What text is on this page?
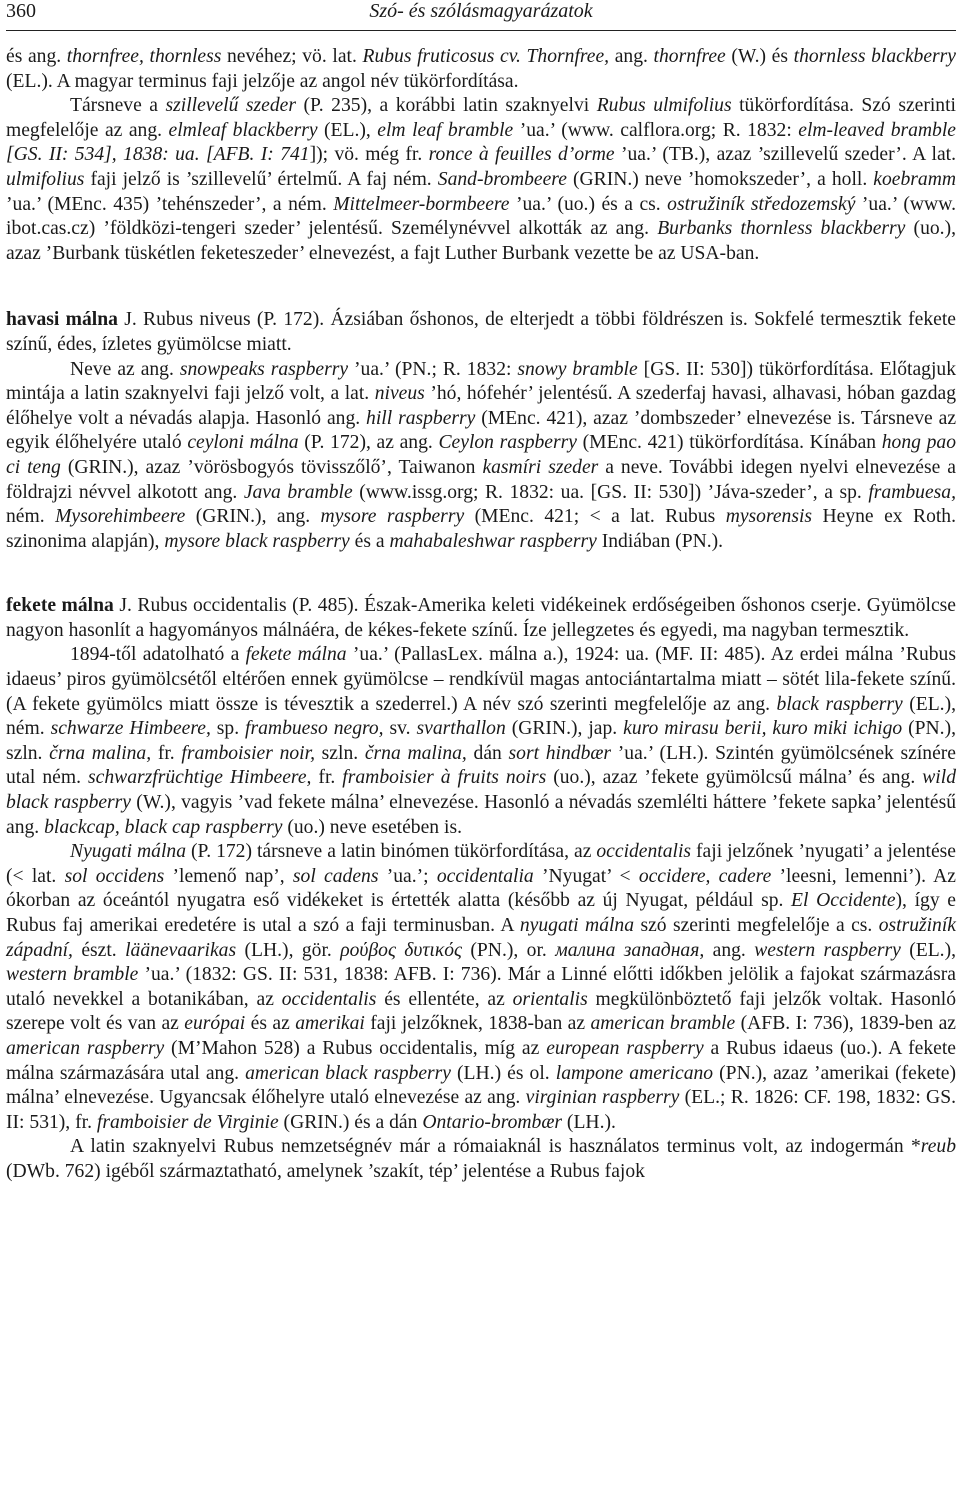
360	Szó- és szólásmagyarázatok

és ang. thornfree, thornless nevéhez; vö. lat. Rubus fruticosus cv. Thornfree, ang. thornfree (W.) és thornless blackberry (EL.). A magyar terminus faji jelzője az angol név tükörfordítása.

Társneve a szillevelű szeder (P. 235), a korábbi latin szaknyelvi Rubus ulmifolius tükörfordítása. Szó szerinti megfelelője az ang. elmleaf blackberry (EL.), elm leaf bramble ’ua.’ (www. calflora.org; R. 1832: elm-leaved bramble [GS. II: 534], 1838: ua. [AFB. I: 741]); vö. még fr. ronce à feuilles d’orme ’ua.’ (TB.), azaz ’szillevelű szeder’. A lat. ulmifolius faji jelző is ’szillevelű’ értelmű. A faj ném. Sand-brombeere (GRIN.) neve ’homokszeder’, a holl. koebramm ’ua.’ (MEnc. 435) ’tehénszeder’, a ném. Mittelmeer-bormbeere ’ua.’ (uo.) és a cs. ostružiník středozemský ’ua.’ (www. ibot.cas.cz) ’földközi-tengeri szeder’ jelentésű. Személynévvel alkották az ang. Burbanks thornless blackberry (uo.), azaz ’Burbank tüskétlen feketeszeder’ elnevezést, a fajt Luther Burbank vezette be az USA-ban.

havasi málna J. Rubus niveus (P. 172). Ázsiában őshonos, de elterjedt a többi földrészen is. Sokfelé termesztik fekete színű, édes, ízletes gyümölcse miatt.

Neve az ang. snowpeaks raspberry ’ua.’ (PN.; R. 1832: snowy bramble [GS. II: 530]) tükörfordítása. Előtagjuk mintája a latin szaknyelvi faji jelző volt, a lat. niveus ’hó, hófehér’ jelentésű. A szederfaj havasi, alhavasi, hóban gazdag élőhelye volt a névadás alapja. Hasonló ang. hill raspberry (MEnc. 421), azaz ’dombszeder’ elnevezése is. Társneve az egyik élőhelyére utaló ceyloni málna (P. 172), az ang. Ceylon raspberry (MEnc. 421) tükörfordítása. Kínában hong pao ci teng (GRIN.), azaz ’vörösbogyós tövisszőlő’, Taiwanon kasmíri szeder a neve. További idegen nyelvi elnevezése a földrajzi névvel alkotott ang. Java bramble (www.issg.org; R. 1832: ua. [GS. II: 530]) ’Jáva-szeder’, a sp. frambuesa, ném. Mysorehimbeere (GRIN.), ang. mysore raspberry (MEnc. 421; < a lat. Rubus mysorensis Heyne ex Roth. szinonima alapján), mysore black raspberry és a mahabaleshwar raspberry Indiában (PN.).

fekete málna J. Rubus occidentalis (P. 485). Észak-Amerika keleti vidékeinek erdőségeiben őshonos cserje. Gyümölcse nagyon hasonlít a hagyományos málnáéra, de kékes-fekete színű. Íze jellegzetes és egyedi, ma nagyban termesztik.

1894-től adatolható a fekete málna ’ua.’ (PallasLex. málna a.), 1924: ua. (MF. II: 485). Az erdei málna ’Rubus idaeus’ piros gyümölcsétől eltérően ennek gyümölcse – rendkívül magas antociántartalma miatt – sötét lila-fekete színű. (A fekete gyümölcs miatt össze is tévesztik a szederrel.) A név szó szerinti megfelelője az ang. black raspberry (EL.), ném. schwarze Himbeere, sp. frambueso negro, sv. svarthallon (GRIN.), jap. kuro mirasu berii, kuro miki ichigo (PN.), szln. črna malina, fr. framboisier noir, szln. črna malina, dán sort hindbær ’ua.’ (LH.). Szintén gyümölcsének színére utal ném. schwarzfrüchtige Himbeere, fr. framboisier à fruits noirs (uo.), azaz ’fekete gyümölcsű málna’ és ang. wild black raspberry (W.), vagyis ’vad fekete málna’ elnevezése. Hasonló a névadás szemlélti háttere ’fekete sapka’ jelentésű ang. blackcap, black cap raspberry (uo.) neve esetében is.

Nyugati málna (P. 172) társneve a latin binómen tükörfordítása, az occidentalis faji jelzőnek ’nyugati’ a jelentése (< lat. sol occidens ’lemenő nap’, sol cadens ’ua.’; occidentalia ’Nyugat’ < occidere, cadere ’leesni, lemenni’). Az ókorban az óceántól nyugatra eső vidékeket is értették alatta (később az új Nyugat, például sp. El Occidente), így e Rubus faj amerikai eredetére is utal a szó a faji terminusban. A nyugati málna szó szerinti megfelelője a cs. ostružiník západní, észt. läänevaarikas (LH.), gör. ρούβος δυτικός (PN.), or. малина западная, ang. western raspberry (EL.), western bramble ’ua.’ (1832: GS. II: 531, 1838: AFB. I: 736). Már a Linné előtti időkben jelölik a fajokat származásra utaló nevekkel a botanikában, az occidentalis és ellentéte, az orientalis megkülönböztető faji jelzők voltak. Hasonló szerepe volt és van az európai és az amerikai faji jelzőknek, 1838-ban az american bramble (AFB. I: 736), 1839-ben az american raspberry (M’Mahon 528) a Rubus occidentalis, míg az european raspberry a Rubus idaeus (uo.). A fekete málna származására utal ang. american black raspberry (LH.) és ol. lampone americano (PN.), azaz ’amerikai (fekete) málna’ elnevezése. Ugyancsak élőhelyre utaló elnevezése az ang. virginian raspberry (EL.; R. 1826: CF. 198, 1832: GS. II: 531), fr. framboisier de Virginie (GRIN.) és a dán Ontario-brombær (LH.).

A latin szaknyelvi Rubus nemzetségnév már a rómaiaknál is használatos terminus volt, az indogermán *reub (DWb. 762) igéből származtatható, amelynek ’szakít, tép’ jelentése a Rubus fajok
